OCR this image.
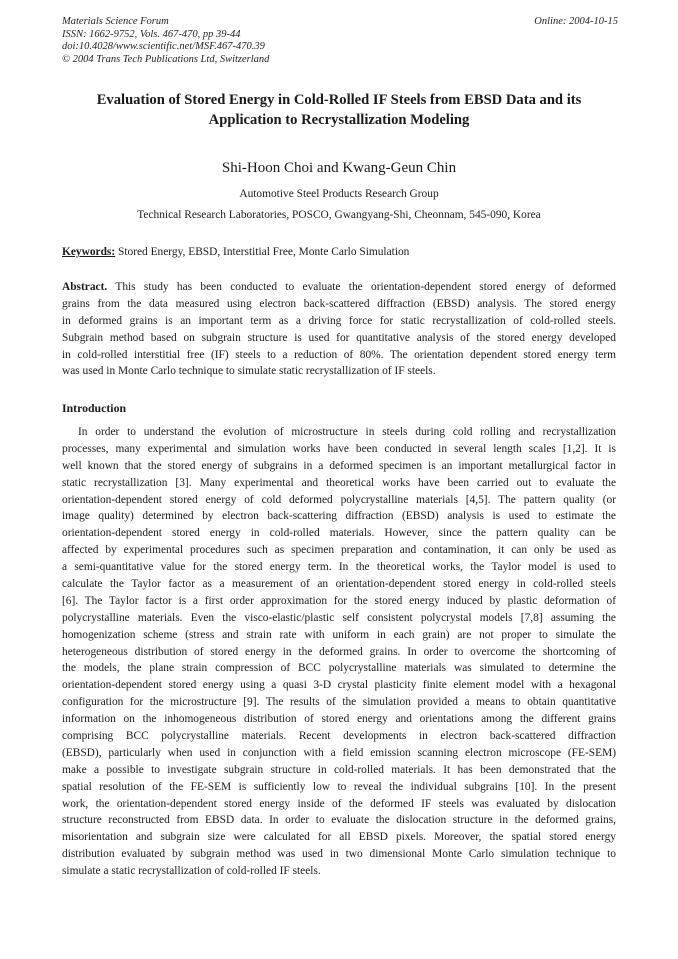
Materials Science Forum	Online: 2004-10-15
ISSN: 1662-9752, Vols. 467-470, pp 39-44
doi:10.4028/www.scientific.net/MSF.467-470.39
© 2004 Trans Tech Publications Ltd, Switzerland
Evaluation of Stored Energy in Cold-Rolled IF Steels from EBSD Data and its
Application to Recrystallization Modeling
Shi-Hoon Choi and Kwang-Geun Chin
Automotive Steel Products Research Group
Technical Research Laboratories, POSCO, Gwangyang-Shi, Cheonnam, 545-090, Korea
Keywords: Stored Energy, EBSD, Interstitial Free, Monte Carlo Simulation
Abstract. This study has been conducted to evaluate the orientation-dependent stored energy of deformed
grains from the data measured using electron back-scattered diffraction (EBSD) analysis. The stored energy
in deformed grains is an important term as a driving force for static recrystallization of cold-rolled steels.
Subgrain method based on subgrain structure is used for quantitative analysis of the stored energy developed
in cold-rolled interstitial free (IF) steels to a reduction of 80%. The orientation dependent stored energy term
was used in Monte Carlo technique to simulate static recrystallization of IF steels.
Introduction
In order to understand the evolution of microstructure in steels during cold rolling and recrystallization
processes, many experimental and simulation works have been conducted in several length scales [1,2]. It is
well known that the stored energy of subgrains in a deformed specimen is an important metallurgical factor in
static recrystallization [3]. Many experimental and theoretical works have been carried out to evaluate the
orientation-dependent stored energy of cold deformed polycrystalline materials [4,5]. The pattern quality (or
image quality) determined by electron back-scattering diffraction (EBSD) analysis is used to estimate the
orientation-dependent stored energy in cold-rolled materials. However, since the pattern quality can be
affected by experimental procedures such as specimen preparation and contamination, it can only be used as
a semi-quantitative value for the stored energy term. In the theoretical works, the Taylor model is used to
calculate the Taylor factor as a measurement of an orientation-dependent stored energy in cold-rolled steels
[6]. The Taylor factor is a first order approximation for the stored energy induced by plastic deformation of
polycrystalline materials. Even the visco-elastic/plastic self consistent polycrystal models [7,8] assuming the
homogenization scheme (stress and strain rate with uniform in each grain) are not proper to simulate the
heterogeneous distribution of stored energy in the deformed grains. In order to overcome the shortcoming of
the models, the plane strain compression of BCC polycrystalline materials was simulated to determine the
orientation-dependent stored energy using a quasi 3-D crystal plasticity finite element model with a hexagonal
configuration for the microstructure [9]. The results of the simulation provided a means to obtain quantitative
information on the inhomogeneous distribution of stored energy and orientations among the different grains
comprising BCC polycrystalline materials. Recent developments in electron back-scattered diffraction
(EBSD), particularly when used in conjunction with a field emission scanning electron microscope (FE-SEM)
make a possible to investigate subgrain structure in cold-rolled materials. It has been demonstrated that the
spatial resolution of the FE-SEM is sufficiently low to reveal the individual subgrains [10]. In the present
work, the orientation-dependent stored energy inside of the deformed IF steels was evaluated by dislocation
structure reconstructed from EBSD data. In order to evaluate the dislocation structure in the deformed grains,
misorientation and subgrain size were calculated for all EBSD pixels. Moreover, the spatial stored energy
distribution evaluated by subgrain method was used in two dimensional Monte Carlo simulation technique to
simulate a static recrystallization of cold-rolled IF steels.
